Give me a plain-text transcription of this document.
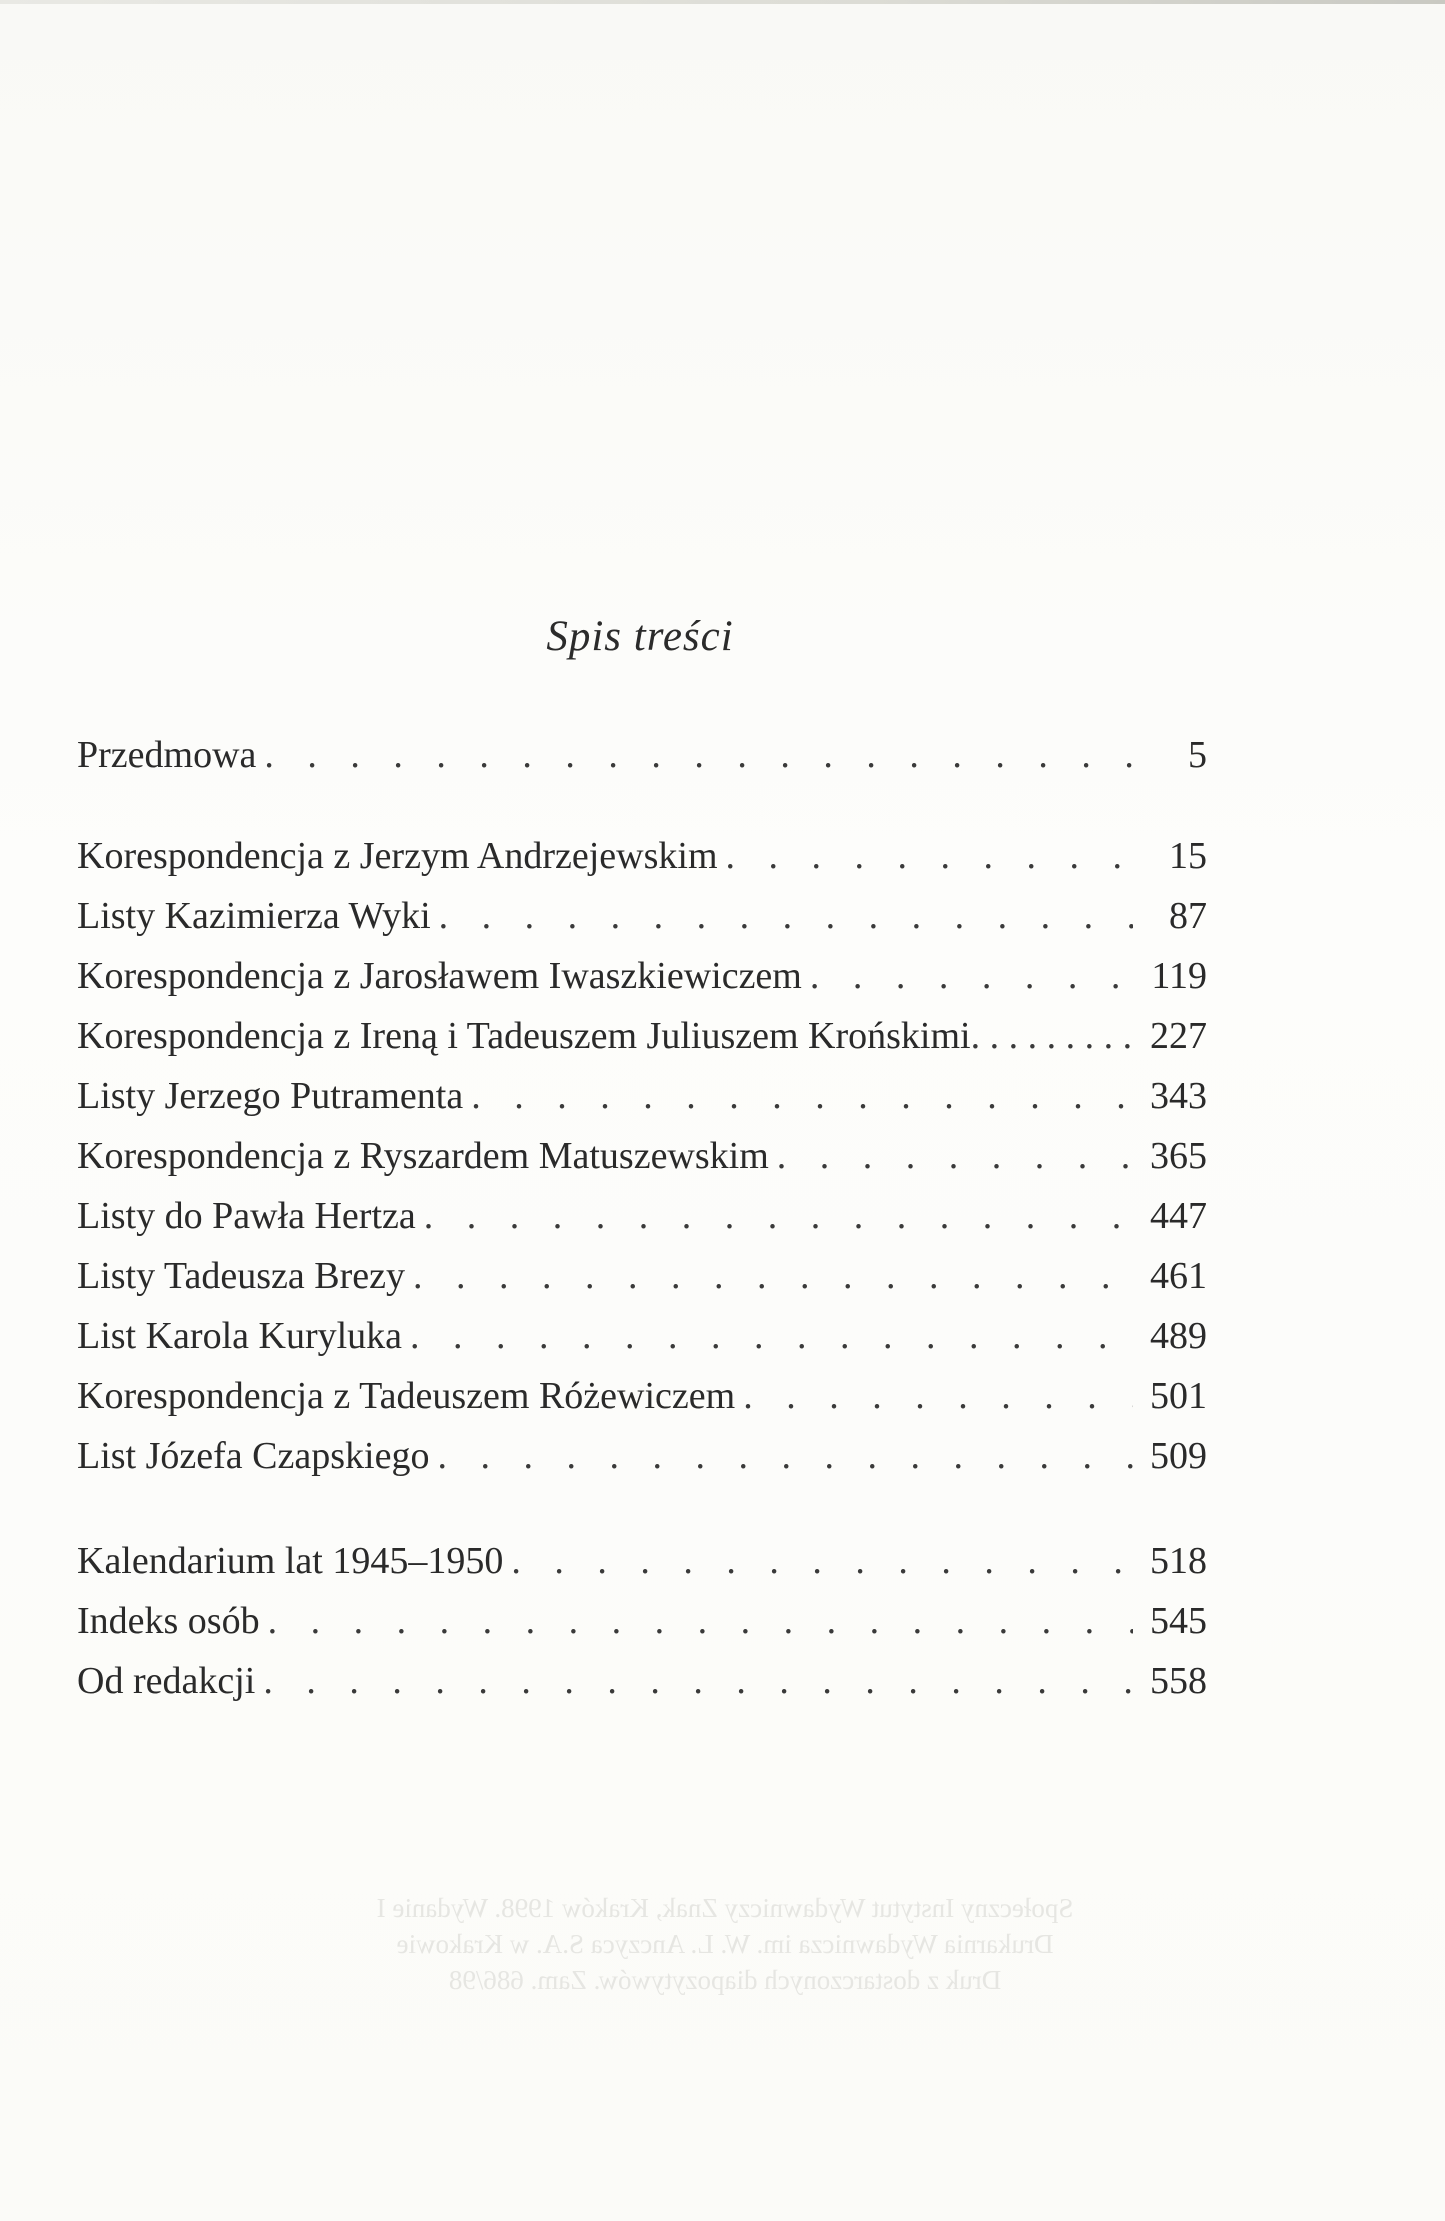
Spis treści
Przedmowa . . .	5
Korespondencja z Jerzym Andrzejewskim . . .	15
Listy Kazimierza Wyki . . .	87
Korespondencja z Jarosławem Iwaszkiewiczem . . .	119
Korespondencja z Ireną i Tadeuszem Juliuszem Krońskimi . . .	227
Listy Jerzego Putramenta . . .	343
Korespondencja z Ryszardem Matuszewskim . . .	365
Listy do Pawła Hertza . . .	447
Listy Tadeusza Brezy . . .	461
List Karola Kuryluka . . .	489
Korespondencja z Tadeuszem Różewiczem . . .	501
List Józefa Czapskiego . . .	509
Kalendarium lat 1945–1950 . . .	518
Indeks osób . . .	545
Od redakcji . . .	558
Społeczny Instytut Wydawniczy Znak, Kraków 1998. Wydanie I
Drukarnia Wydawnicza im. W. L. Anczyca S.A. w Krakowie
Druk z dostarczonych diapozytywów. Zam. 686/98
